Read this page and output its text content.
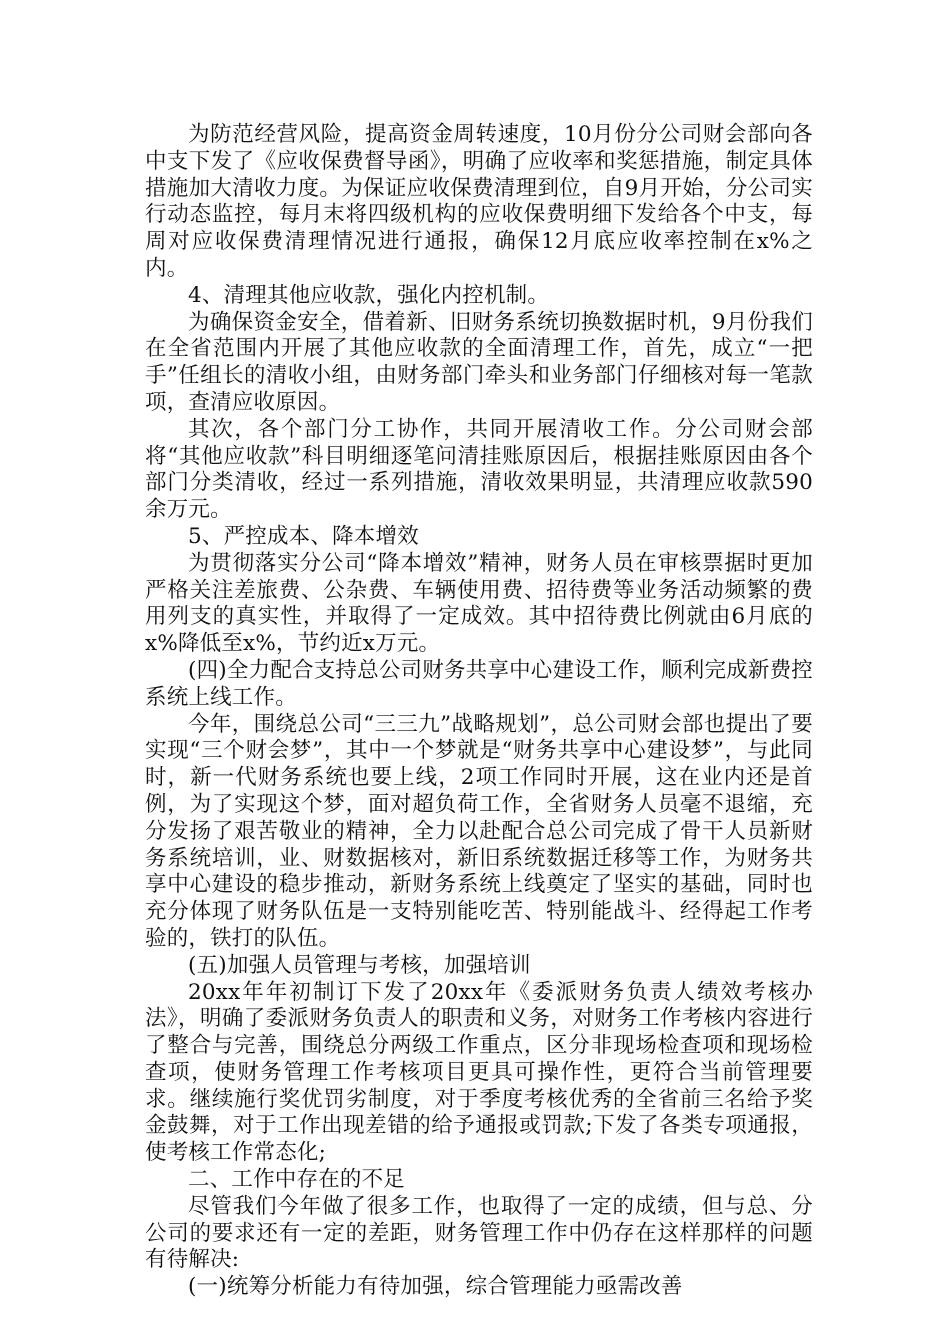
为防范经营风险，提高资金周转速度，10月份分公司财会部向各中支下发了《应收保费督导函》，明确了应收率和奖惩措施，制定具体措施加大清收力度。为保证应收保费清理到位，自9月开始，分公司实行动态监控，每月末将四级机构的应收保费明细下发给各个中支，每周对应收保费清理情况进行通报，确保12月底应收率控制在x%之内。

4、清理其他应收款，强化内控机制。

为确保资金安全，借着新、旧财务系统切换数据时机，9月份我们在全省范围内开展了其他应收款的全面清理工作，首先，成立“一把手”任组长的清收小组，由财务部门牵头和业务部门仔细核对每一笔款项，查清应收原因。

其次，各个部门分工协作，共同开展清收工作。分公司财会部将“其他应收款”科目明细逐笔问清挂账原因后，根据挂账原因由各个部门分类清收，经过一系列措施，清收效果明显，共清理应收款590余万元。

5、严控成本、降本增效

为贯彻落实分公司“降本增效”精神，财务人员在审核票据时更加严格关注差旅费、公杂费、车辆使用费、招待费等业务活动频繁的费用列支的真实性，并取得了一定成效。其中招待费比例就由6月底的x%降低至x%，节约近x万元。

(四)全力配合支持总公司财务共享中心建设工作，顺利完成新费控系统上线工作。

今年，围绕总公司“三三九”战略规划”，总公司财会部也提出了要实现“三个财会梦”，其中一个梦就是“财务共享中心建设梦”，与此同时，新一代财务系统也要上线，2项工作同时开展，这在业内还是首例，为了实现这个梦，面对超负荷工作，全省财务人员毫不退缩，充分发扬了艰苦敬业的精神，全力以赴配合总公司完成了骨干人员新财务系统培训，业、财数据核对，新旧系统数据迁移等工作，为财务共享中心建设的稳步推动，新财务系统上线奠定了坚实的基础，同时也充分体现了财务队伍是一支特别能吃苦、特别能战斗、经得起工作考验的，铁打的队伍。

(五)加强人员管理与考核，加强培训

20xx年年初制订下发了20xx年《委派财务负责人绩效考核办法》，明确了委派财务负责人的职责和义务，对财务工作考核内容进行了整合与完善，围绕总分两级工作重点，区分非现场检查项和现场检查项，使财务管理工作考核项目更具可操作性，更符合当前管理要求。继续施行奖优罚劣制度，对于季度考核优秀的全省前三名给予奖金鼓舞，对于工作出现差错的给予通报或罚款;下发了各类专项通报，使考核工作常态化;

二、工作中存在的不足

尽管我们今年做了很多工作，也取得了一定的成绩，但与总、分公司的要求还有一定的差距，财务管理工作中仍存在这样那样的问题有待解决:

(一)统筹分析能力有待加强，综合管理能力亟需改善
